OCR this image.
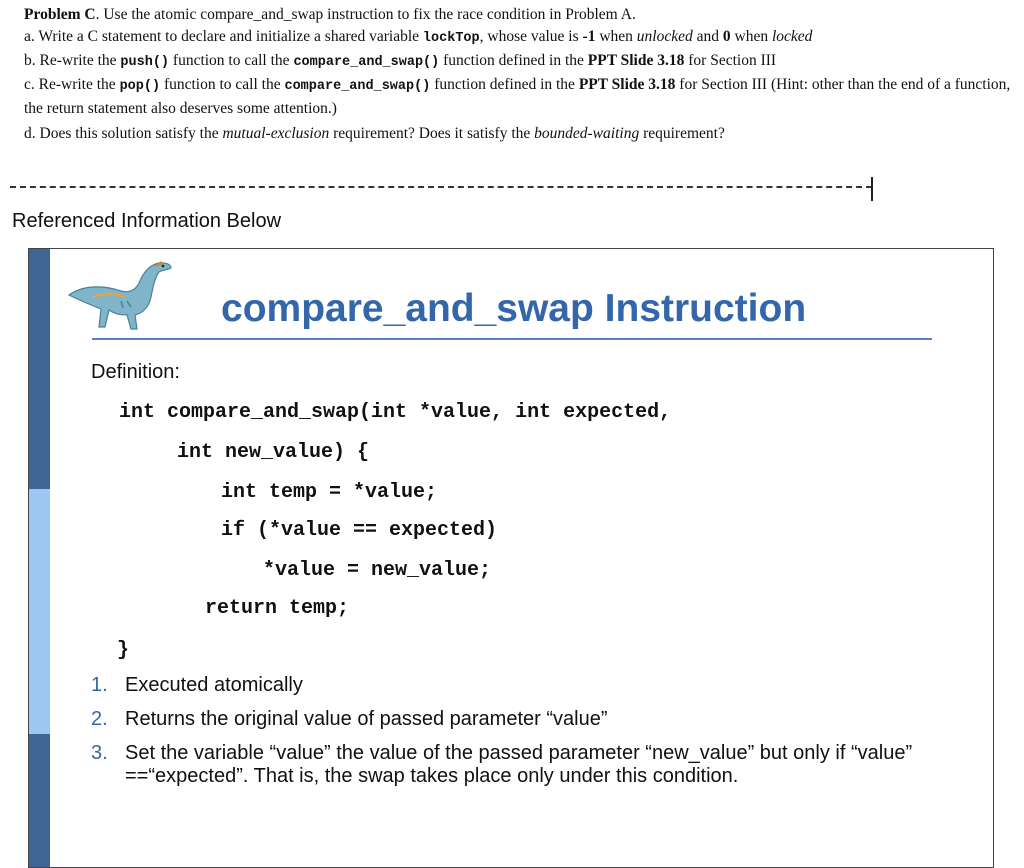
Problem C. Use the atomic compare_and_swap instruction to fix the race condition in Problem A.
a. Write a C statement to declare and initialize a shared variable lockTop, whose value is -1 when unlocked and 0 when locked
b. Re-write the push() function to call the compare_and_swap() function defined in the PPT Slide 3.18 for Section III
c. Re-write the pop() function to call the compare_and_swap() function defined in the PPT Slide 3.18 for Section III (Hint: other than the end of a function, the return statement also deserves some attention.)
d. Does this solution satisfy the mutual-exclusion requirement? Does it satisfy the bounded-waiting requirement?
Referenced Information Below
compare_and_swap Instruction
Definition:
int compare_and_swap(int *value, int expected,
int new_value) {
int temp = *value;
if (*value == expected)
*value = new_value;
return temp;
}
1. Executed atomically
2. Returns the original value of passed parameter “value”
3. Set the variable “value” the value of the passed parameter “new_value” but only if “value” ==“expected”. That is, the swap takes place only under this condition.
